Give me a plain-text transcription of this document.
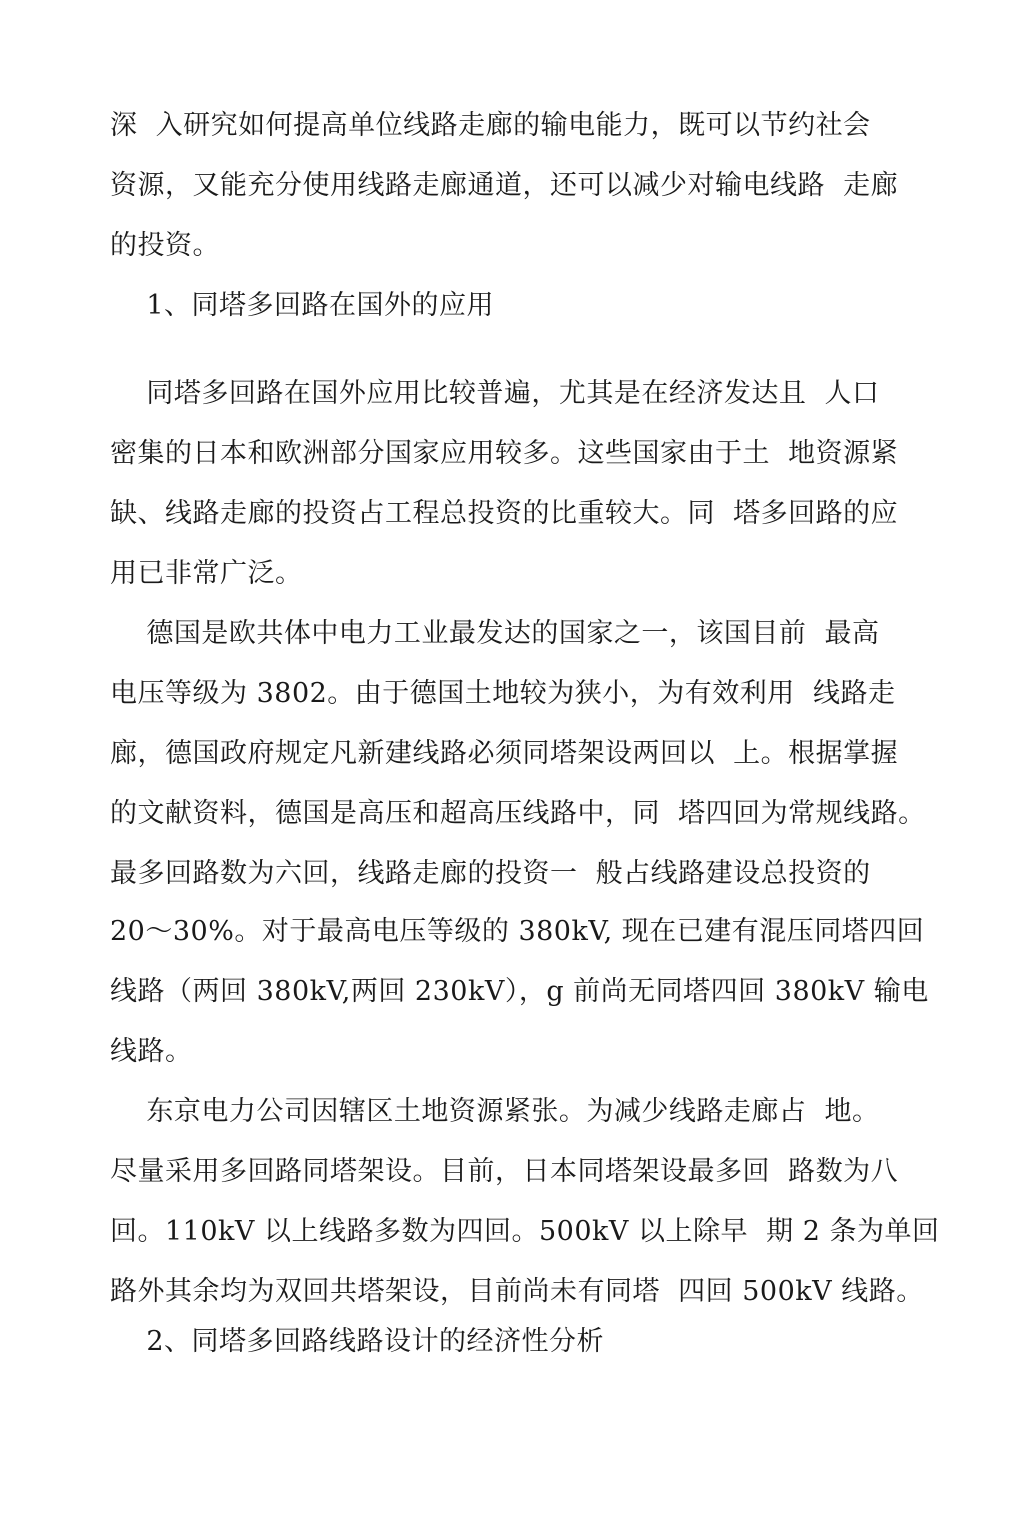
深  入研究如何提高单位线路走廊的输电能力，既可以节约社会
资源，又能充分使用线路走廊通道，还可以减少对输电线路  走廊
的投资。
1、同塔多回路在国外的应用
同塔多回路在国外应用比较普遍，尤其是在经济发达且  人口
密集的日本和欧洲部分国家应用较多。这些国家由于土  地资源紧
缺、线路走廊的投资占工程总投资的比重较大。同  塔多回路的应
用已非常广泛。
德国是欧共体中电力工业最发达的国家之一，该国目前  最高
电压等级为 3802。由于德国土地较为狭小，为有效利用  线路走
廊，德国政府规定凡新建线路必须同塔架设两回以  上。根据掌握
的文献资料，德国是高压和超高压线路中，同  塔四回为常规线路。
最多回路数为六回，线路走廊的投资一  般占线路建设总投资的
20～30%。对于最高电压等级的 380kV, 现在已建有混压同塔四回
线路（两回 380kV,两回 230kV），g 前尚无同塔四回 380kV 输电
线路。
东京电力公司因辖区土地资源紧张。为减少线路走廊占  地。
尽量采用多回路同塔架设。目前，日本同塔架设最多回  路数为八
回。110kV 以上线路多数为四回。500kV 以上除早  期 2 条为单回
路外其余均为双回共塔架设，目前尚未有同塔  四回 500kV 线路。
2、同塔多回路线路设计的经济性分析
